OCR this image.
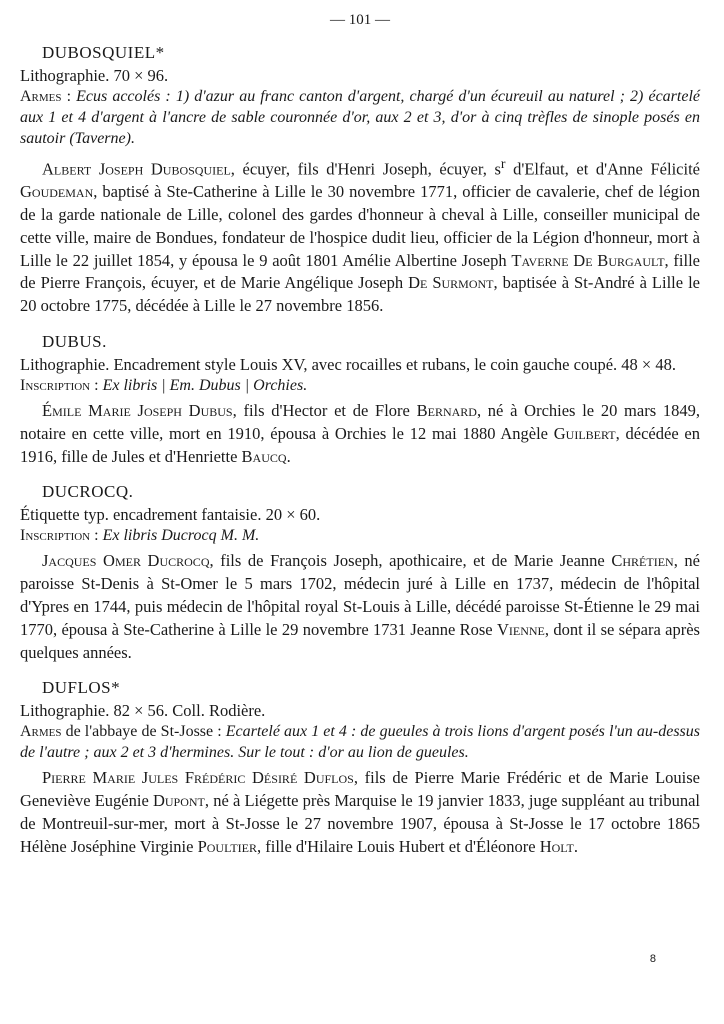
— 101 —
DUBOSQUIEL*

Lithographie. 70 × 96.

Armes : Ecus accolés : 1) d'azur au franc canton d'argent, chargé d'un écureuil au naturel ; 2) écartelé aux 1 et 4 d'argent à l'ancre de sable couronnée d'or, aux 2 et 3, d'or à cinq trèfles de sinople posés en sautoir (Taverne).

Albert Joseph Dubosquiel, écuyer, fils d'Henri Joseph, écuyer, $s^r$ d'Elfaut, et d'Anne Félicité Goudeman, baptisé à Ste-Catherine à Lille le 30 novembre 1771, officier de cavalerie, chef de légion de la garde nationale de Lille, colonel des gardes d'honneur à cheval à Lille, conseiller municipal de cette ville, maire de Bondues, fondateur de l'hospice dudit lieu, officier de la Légion d'honneur, mort à Lille le 22 juillet 1854, y épousa le 9 août 1801 Amélie Albertine Joseph Taverne De Burgault, fille de Pierre François, écuyer, et de Marie Angélique Joseph De Surmont, baptisée à St-André à Lille le 20 octobre 1775, décédée à Lille le 27 novembre 1856.

DUBUS.

Lithographie. Encadrement style Louis XV, avec rocailles et rubans, le coin gauche coupé. 48 × 48.

Inscription : Ex libris | Em. Dubus | Orchies.

Émile Marie Joseph Dubus, fils d'Hector et de Flore Bernard, né à Orchies le 20 mars 1849, notaire en cette ville, mort en 1910, épousa à Orchies le 12 mai 1880 Angèle Guilbert, décédée en 1916, fille de Jules et d'Henriette Baucq.

DUCROCQ.

Étiquette typ. encadrement fantaisie. 20 × 60.

Inscription : Ex libris Ducrocq M. M.

Jacques Omer Ducrocq, fils de François Joseph, apothicaire, et de Marie Jeanne Chrétien, né paroisse St-Denis à St-Omer le 5 mars 1702, médecin juré à Lille en 1737, médecin de l'hôpital d'Ypres en 1744, puis médecin de l'hôpital royal St-Louis à Lille, décédé paroisse St-Étienne le 29 mai 1770, épousa à Ste-Catherine à Lille le 29 novembre 1731 Jeanne Rose Vienne, dont il se sépara après quelques années.

DUFLOS*

Lithographie. 82 × 56. Coll. Rodière.

Armes de l'abbaye de St-Josse : Ecartelé aux 1 et 4 : de gueules à trois lions d'argent posés l'un au-dessus de l'autre ; aux 2 et 3 d'hermines. Sur le tout : d'or au lion de gueules.

Pierre Marie Jules Frédéric Désiré Duflos, fils de Pierre Marie Frédéric et de Marie Louise Geneviève Eugénie Dupont, né à Liégette près Marquise le 19 janvier 1833, juge suppléant au tribunal de Montreuil-sur-mer, mort à St-Josse le 27 novembre 1907, épousa à St-Josse le 17 octobre 1865 Hélène Joséphine Virginie Poultier, fille d'Hilaire Louis Hubert et d'Éléonore Holt.

8
